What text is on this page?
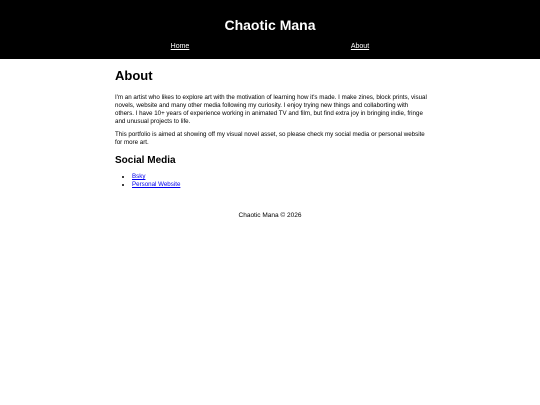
Chaotic Mana
Home	About
About

I'm an artist who likes to explore art with the motivation of learning how it's made. I make zines, block prints, visual novels, website and many other media following my curiosity. I enjoy trying new things and collaborting with others. I have 10+ years of experience working in animated TV and film, but find extra joy in bringing indie, fringe and unusual projects to life.

This portfolio is aimed at showing off my visual novel asset, so please check my social media or personal website for more art.

Social Media
• Bsky
• Personal Website
Chaotic Mana © 2026
